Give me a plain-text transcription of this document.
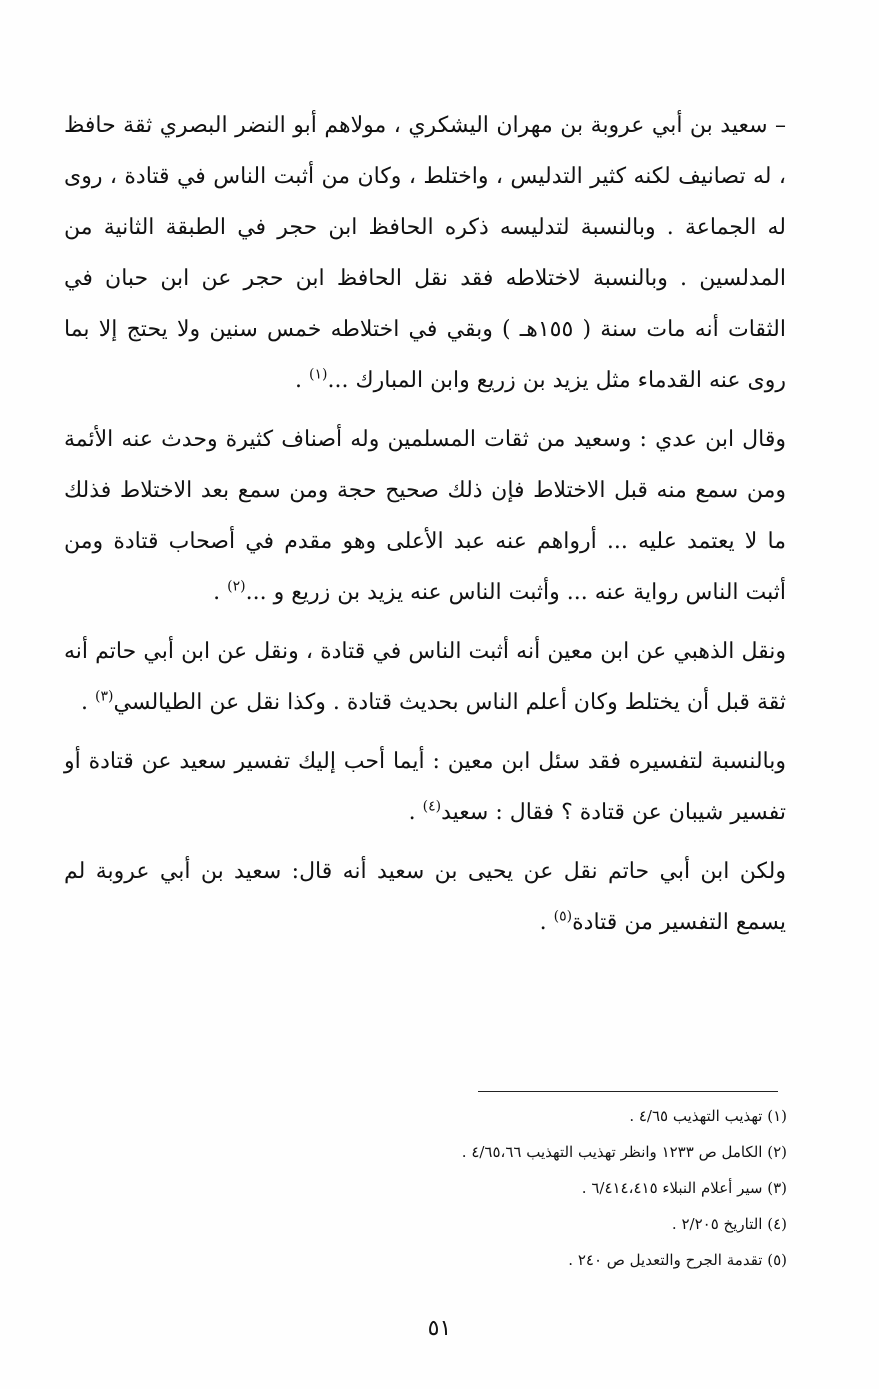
– سعيد بن أبي عروبة بن مهران اليشكري ، مولاهم أبو النضر البصري ثقة حافظ ، له تصانيف لكنه كثير التدليس ، واختلط ، وكان من أثبت الناس في قتادة ، روى له الجماعة . وبالنسبة لتدليسه ذكره الحافظ ابن حجر في الطبقة الثانية من المدلسين . وبالنسبة لاختلاطه فقد نقل الحافظ ابن حجر عن ابن حبان في الثقات أنه مات سنة ( ١٥٥هـ ) وبقي في اختلاطه خمس سنين ولا يحتج إلا بما روى عنه القدماء مثل يزيد بن زريع وابن المبارك ...$^{(١)}$ .

وقال ابن عدي : وسعيد من ثقات المسلمين وله أصناف كثيرة وحدث عنه الأئمة ومن سمع منه قبل الاختلاط فإن ذلك صحيح حجة ومن سمع بعد الاختلاط فذلك ما لا يعتمد عليه ... أرواهم عنه عبد الأعلى وهو مقدم في أصحاب قتادة ومن أثبت الناس رواية عنه ... وأثبت الناس عنه يزيد بن زريع و ...$^{(٢)}$ .

ونقل الذهبي عن ابن معين أنه أثبت الناس في قتادة ، ونقل عن ابن أبي حاتم أنه ثقة قبل أن يختلط وكان أعلم الناس بحديث قتادة . وكذا نقل عن الطيالسي$^{(٣)}$ .

وبالنسبة لتفسيره فقد سئل ابن معين : أيما أحب إليك تفسير سعيد عن قتادة أو تفسير شيبان عن قتادة ؟ فقال : سعيد$^{(٤)}$ .

ولكن ابن أبي حاتم نقل عن يحيى بن سعيد أنه قال: سعيد بن أبي عروبة لم يسمع التفسير من قتادة$^{(٥)}$ .

(١) تهذيب التهذيب ٤/٦٥ .
(٢) الكامل ص ١٢٣٣ وانظر تهذيب التهذيب ٤/٦٥،٦٦ .
(٣) سير أعلام النبلاء ٦/٤١٤،٤١٥ .
(٤) التاريخ ٢/٢٠٥ .
(٥) تقدمة الجرح والتعديل ص ٢٤٠ .
٥١
